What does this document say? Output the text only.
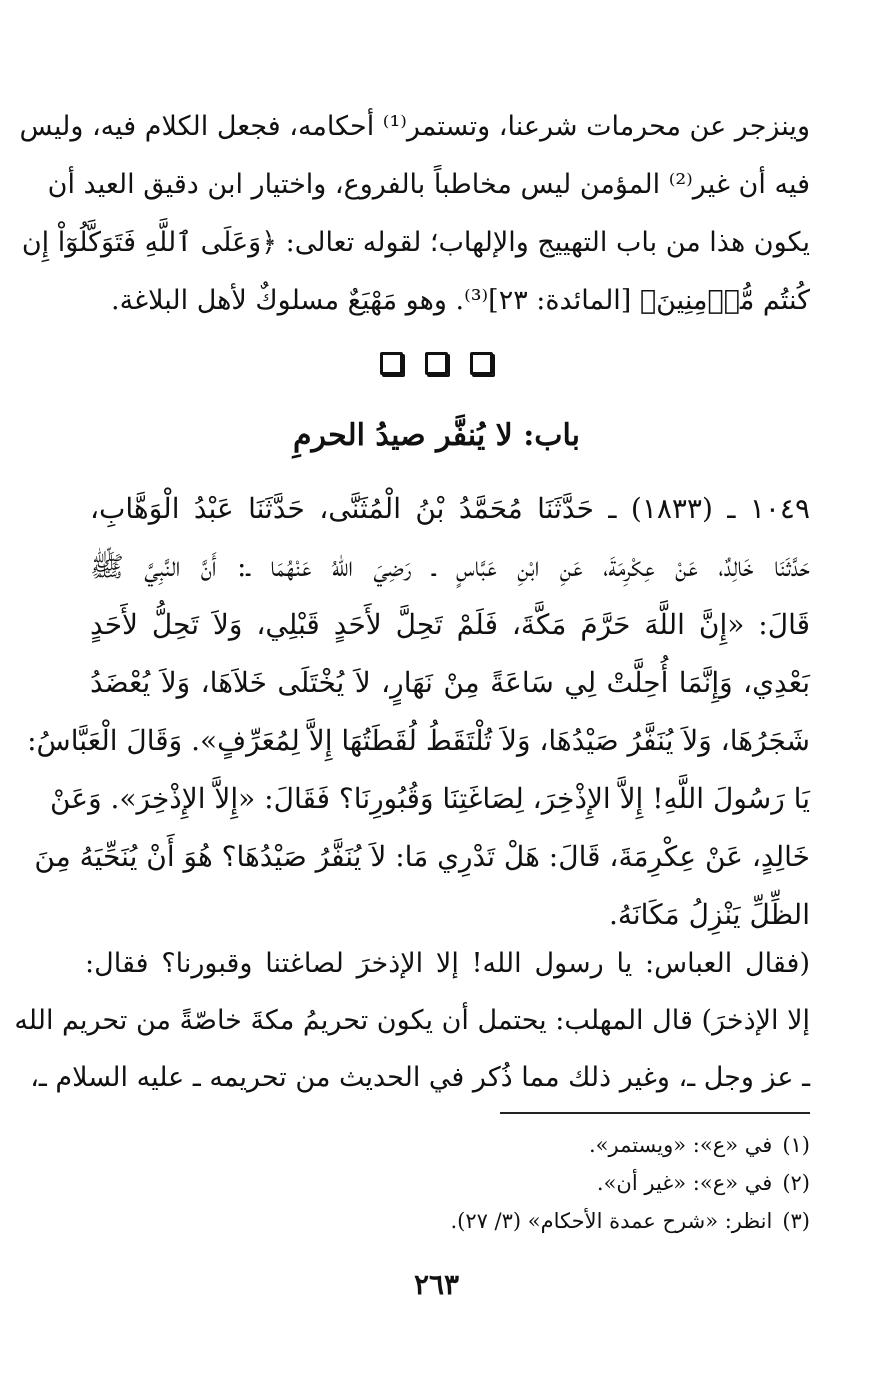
وينزجر عن محرمات شرعنا، وتستمر⁽¹⁾ أحكامه، فجعل الكلام فيه، وليس
فيه أن غير⁽²⁾ المؤمن ليس مخاطباً بالفروع، واختيار ابن دقيق العيد أن
يكون هذا من باب التهييج والإلهاب؛ لقوله تعالى: ﴿وَعَلَى ٱللَّهِ فَتَوَكَّلُوٓاْ إِن
كُنتُم مُّؤۡمِنِينَ﴾ [المائدة: ٢٣]⁽³⁾. وهو مَهْيَعٌ مسلوكٌ لأهل البلاغة.

باب: لا يُنفَّر صيدُ الحرمِ
١٠٤٩ ـ (١٨٣٣) ـ حَدَّثَنَا مُحَمَّدُ بْنُ الْمُثَنَّى، حَدَّثَنَا عَبْدُ الْوَهَّابِ،
حَدَّثَنَا خَالِدٌ، عَنْ عِكْرِمَةَ، عَنِ ابْنِ عَبَّاسٍ ـ رَضِيَ اللهُ عَنْهُمَا ـ: أَنَّ النَّبِيَّ ﷺ
قَالَ: «إِنَّ اللَّهَ حَرَّمَ مَكَّةَ، فَلَمْ تَحِلَّ لأَحَدٍ قَبْلِي، وَلاَ تَحِلُّ لأَحَدٍ
بَعْدِي، وَإِنَّمَا أُحِلَّتْ لِي سَاعَةً مِنْ نَهَارٍ، لاَ يُخْتَلَى خَلاَهَا، وَلاَ يُعْضَدُ
شَجَرُهَا، وَلاَ يُنَفَّرُ صَيْدُهَا، وَلاَ تُلْتَقَطُ لُقَطَتُهَا إِلاَّ لِمُعَرِّفٍ». وَقَالَ الْعَبَّاسُ:
يَا رَسُولَ اللَّهِ! إِلاَّ الإِذْخِرَ، لِصَاغَتِنَا وَقُبُورِنَا؟ فَقَالَ: «إِلاَّ الإِذْخِرَ». وَعَنْ
خَالِدٍ، عَنْ عِكْرِمَةَ، قَالَ: هَلْ تَدْرِي مَا: لاَ يُنَفَّرُ صَيْدُهَا؟ هُوَ أَنْ يُنَحِّيَهُ مِنَ
الظِّلِّ يَنْزِلُ مَكَانَهُ.
(فقال العباس: يا رسول الله! إلا الإذخرَ لصاغتنا وقبورنا؟ فقال:
إلا الإذخرَ) قال المهلب: يحتمل أن يكون تحريمُ مكةَ خاصّةً من تحريم الله
ـ عز وجل ـ، وغير ذلك مما ذُكر في الحديث من تحريمه ـ عليه السلام ـ،
(١)في «ع»: «ويستمر».
(٢)في «ع»: «غير أن».
(٣)انظر: «شرح عمدة الأحكام» (٣/ ٢٧).
٢٦٣
